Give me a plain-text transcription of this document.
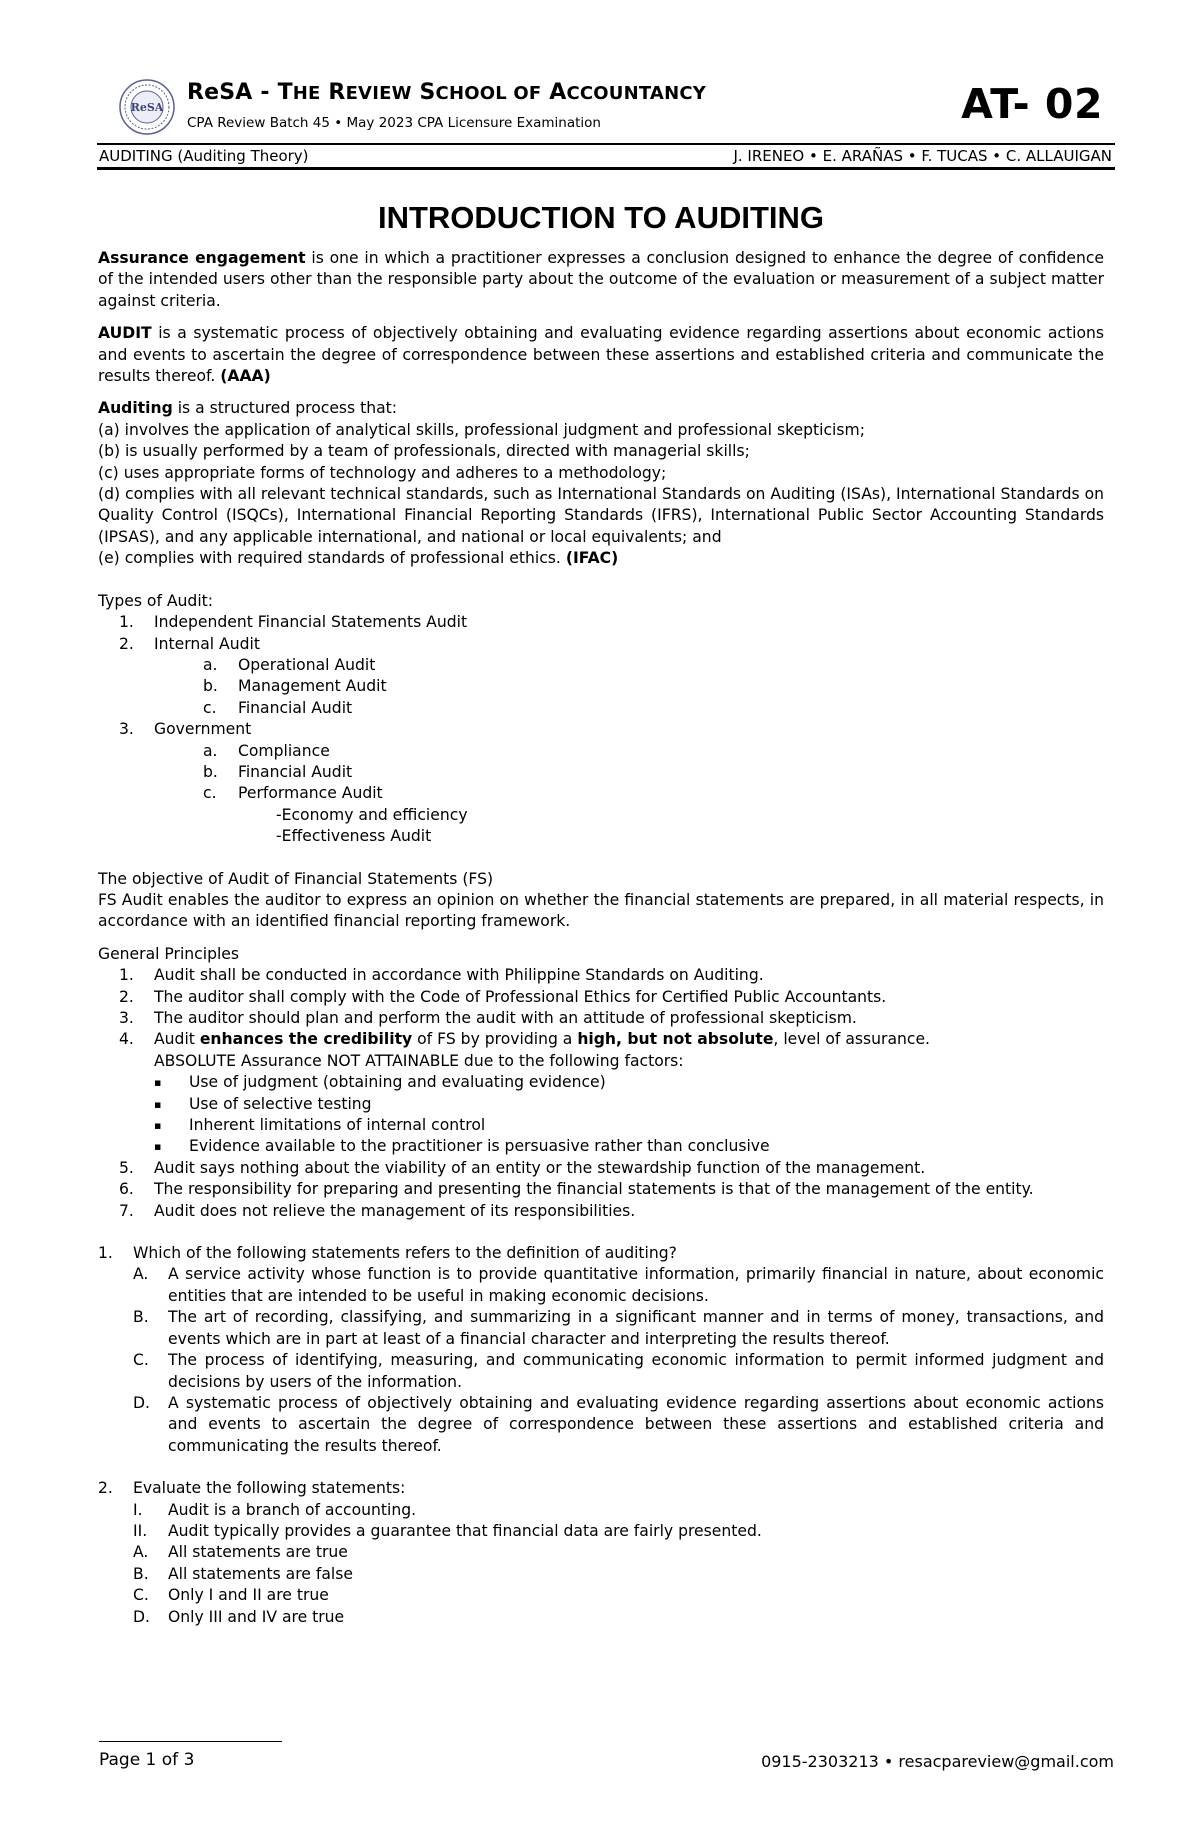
ReSA
ReSA - THE REVIEW SCHOOL OF ACCOUNTANCY
CPA Review Batch 45 • May 2023 CPA Licensure Examination	AT- 02
AUDITING (Auditing Theory)	J. IRENEO • E. ARAÑAS • F. TUCAS • C. ALLAUIGAN
INTRODUCTION TO AUDITING

Assurance engagement is one in which a practitioner expresses a conclusion designed to enhance the degree of confidence of the intended users other than the responsible party about the outcome of the evaluation or measurement of a subject matter against criteria.

AUDIT is a systematic process of objectively obtaining and evaluating evidence regarding assertions about economic actions and events to ascertain the degree of correspondence between these assertions and established criteria and communicate the results thereof. (AAA)

Auditing is a structured process that:

(a) involves the application of analytical skills, professional judgment and professional skepticism;

(b) is usually performed by a team of professionals, directed with managerial skills;

(c) uses appropriate forms of technology and adheres to a methodology;

(d) complies with all relevant technical standards, such as International Standards on Auditing (ISAs), International Standards on Quality Control (ISQCs), International Financial Reporting Standards (IFRS), International Public Sector Accounting Standards (IPSAS), and any applicable international, and national or local equivalents; and

(e) complies with required standards of professional ethics. (IFAC)

Types of Audit:
1.	Independent Financial Statements Audit
2.	Internal Audit
a.	Operational Audit
b.	Management Audit
c.	Financial Audit
3.	Government
a.	Compliance
b.	Financial Audit
c.	Performance Audit
-Economy and efficiency
-Effectiveness Audit
The objective of Audit of Financial Statements (FS)

FS Audit enables the auditor to express an opinion on whether the financial statements are prepared, in all material respects, in accordance with an identified financial reporting framework.

General Principles
1.	Audit shall be conducted in accordance with Philippine Standards on Auditing.
2.	The auditor shall comply with the Code of Professional Ethics for Certified Public Accountants.
3.	The auditor should plan and perform the audit with an attitude of professional skepticism.
4.	Audit enhances the credibility of FS by providing a high, but not absolute, level of assurance.
ABSOLUTE Assurance NOT ATTAINABLE due to the following factors:
▪	Use of judgment (obtaining and evaluating evidence)
▪	Use of selective testing
▪	Inherent limitations of internal control
▪	Evidence available to the practitioner is persuasive rather than conclusive
5.	Audit says nothing about the viability of an entity or the stewardship function of the management.
6.	The responsibility for preparing and presenting the financial statements is that of the management of the entity.
7.	Audit does not relieve the management of its responsibilities.
1.	Which of the following statements refers to the definition of auditing?
A.	A service activity whose function is to provide quantitative information, primarily financial in nature, about economic entities that are intended to be useful in making economic decisions.
B.	The art of recording, classifying, and summarizing in a significant manner and in terms of money, transactions, and events which are in part at least of a financial character and interpreting the results thereof.
C.	The process of identifying, measuring, and communicating economic information to permit informed judgment and decisions by users of the information.
D.	A systematic process of objectively obtaining and evaluating evidence regarding assertions about economic actions and events to ascertain the degree of correspondence between these assertions and established criteria and communicating the results thereof.
2.	Evaluate the following statements:
I.	Audit is a branch of accounting.
II.	Audit typically provides a guarantee that financial data are fairly presented.
A.	All statements are true
B.	All statements are false
C.	Only I and II are true
D.	Only III and IV are true
Page 1 of 3	0915-2303213 • resacpareview@gmail.com
